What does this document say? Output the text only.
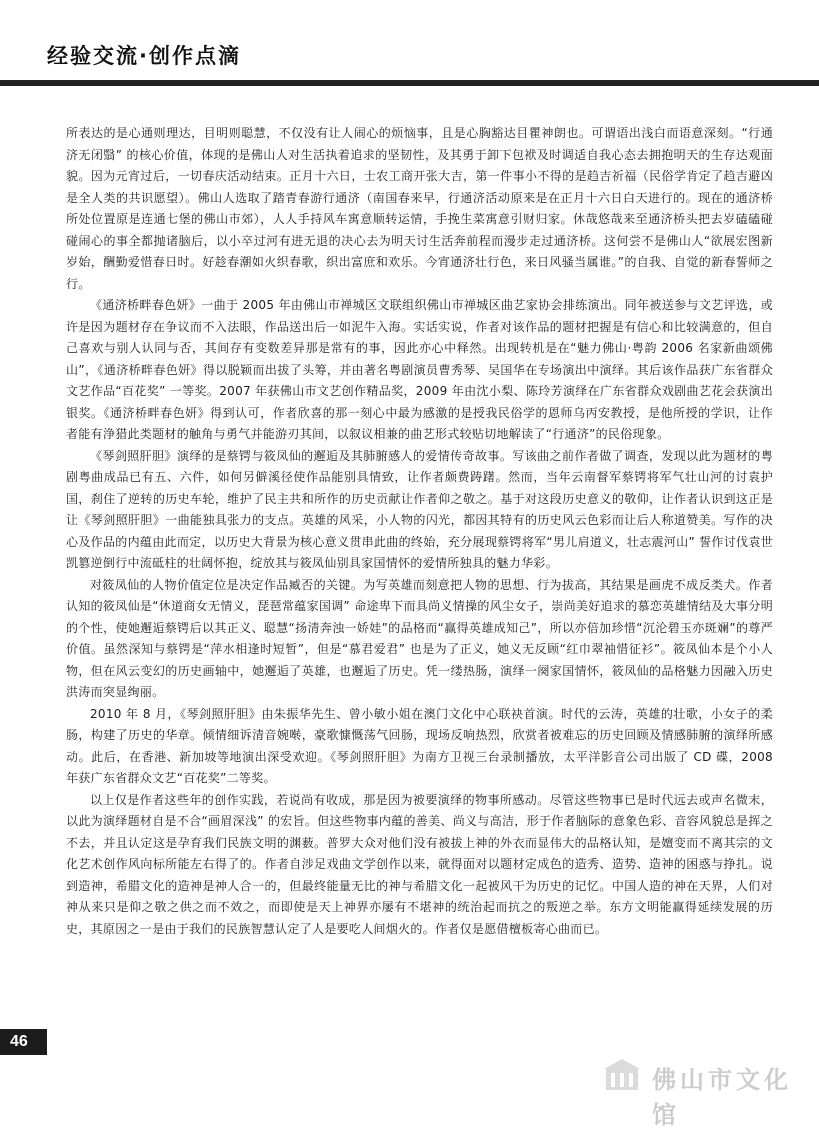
经验交流·创作点滴

所表达的是心通则理达，目明则聪慧，不仅没有让人闹心的烦恼事，且是心胸豁达目瞿神朗也。可谓语出浅白而语意深刻。“行通济无闭翳” 的核心价值，体现的是佛山人对生活执着追求的坚韧性，及其勇于卸下包袱及时调适自我心态去拥抱明天的生存达观面貌。因为元宵过后，一切春庆活动结束。正月十六日，士农工商开张大吉，第一件事小不得的是趋吉祈福（民俗学肯定了趋吉避凶是全人类的共识愿望）。佛山人选取了踏青春游行通济（南国春来早，行通济活动原来是在正月十六日白天进行的。现在的通济桥所处位置原是连通七堡的佛山市郊），人人手持风车寓意顺转运情，手挽生菜寓意引财归家。休哉悠哉来至通济桥头把去岁磕磕碰碰闹心的事全都抛诸脑后，以小卒过河有进无退的决心去为明天讨生活奔前程而漫步走过通济桥。这何尝不是佛山人“欲展宏图新岁始，酬勤爱惜春日时。好趁春潮如火织春歌，织出富庶和欢乐。今宵通济壮行色，来日风骚当属谁。”的自我、自觉的新春誓师之行。

《通济桥畔春色妍》一曲于 2005 年由佛山市禅城区文联组织佛山市禅城区曲艺家协会排练演出。同年被送参与文艺评选，或许是因为题材存在争议而不入法眼，作品送出后一如泥牛入海。实话实说，作者对该作品的题材把握是有信心和比较满意的，但自己喜欢与别人认同与否，其间存有变数差异那是常有的事，因此亦心中释然。出现转机是在“魅力佛山·粤韵 2006 名家新曲颂佛山”，《通济桥畔春色妍》得以脱颖而出拔了头筹，并由著名粤剧演员曹秀琴、吴国华在专场演出中演绎。其后该作品获广东省群众文艺作品“百花奖” 一等奖。2007 年获佛山市文艺创作精品奖，2009 年由沈小梨、陈玲芳演绎在广东省群众戏剧曲艺花会获演出银奖。《通济桥畔春色妍》得到认可，作者欣喜的那一刻心中最为感激的是授我民俗学的恩师乌丙安教授，是他所授的学识，让作者能有浄猎此类题材的触角与勇气并能游刃其间，以叙议相兼的曲艺形式较贴切地解读了“行通济”的民俗现象。

《琴剑照肝胆》演绎的是蔡锷与筱凤仙的邂逅及其肺腑感人的爱情传奇故事。写该曲之前作者做了调查，发现以此为题材的粤剧粤曲成品已有五、六件，如何另僻溪径使作品能别具情致，让作者颇费踌躇。然而，当年云南督军蔡锷将军气壮山河的讨袁护国，刹住了逆转的历史车轮，维护了民主共和所作的历史贡献让作者仰之敬之。基于对这段历史意义的敬仰，让作者认识到这正是让《琴剑照肝胆》一曲能独具张力的支点。英雄的风采，小人物的闪光，都因其特有的历史风云色彩而让后人称道赞美。写作的决心及作品的内蕴由此而定，以历史大背景为核心意义贯串此曲的终始，充分展现蔡锷将军“男儿肩道义，壮志震河山” 誓作讨伐袁世凯篡逆倒行中流砥柱的壮阔怀抱，绽放其与筱凤仙别具家国情怀的爱情所独具的魅力华彩。

对筱凤仙的人物价值定位是决定作品臧否的关键。为写英雄而刻意把人物的思想、行为拔高，其结果是画虎不成反类犬。作者认知的筱凤仙是“休道商女无情义，琵琶常蕴家国调” 命途卑下而具尚义情操的风尘女子，崇尚美好追求的慕恋英雄情结及大事分明的个性，使她邂逅蔡锷后以其正义、聪慧“扬清奔浊一娇娃”的品格而“赢得英雄成知己”，所以亦倍加珍惜“沉沦碧玉亦斑斓”的尊严价值。虽然深知与蔡锷是“萍水相逢时短暂”，但是“慕君爱君” 也是为了正义，她义无反顾“红巾翠袖惜征衫”。筱凤仙本是个小人物，但在风云变幻的历史画轴中，她邂逅了英雄，也邂逅了历史。凭一缕热肠，演绎一阕家国情怀，筱凤仙的品格魅力因融入历史洪涛而突显绚丽。

2010 年 8 月，《琴剑照肝胆》由朱振华先生、曾小敏小姐在澳门文化中心联袂首演。时代的云涛，英雄的壮歌，小女子的柔肠，构建了历史的华章。倾情细诉清音婉啭，豪歌慷慨荡气回肠，现场反响热烈，欣赏者被难忘的历史回顾及情感肺腑的演绎所感动。此后，在香港、新加坡等地演出深受欢迎。《琴剑照肝胆》为南方卫视三台录制播放，太平洋影音公司出版了 CD 碟，2008 年获广东省群众文艺“百花奖”二等奖。

以上仅是作者这些年的创作实践，若说尚有收成，那是因为被要演绎的物事所感动。尽管这些物事已是时代远去或声名微末，以此为演绎题材自是不合“画眉深浅” 的宏旨。但这些物事内蕴的善美、尚义与高洁，形于作者脑际的意象色彩、音容风貌总是挥之不去，并且认定这是孕育我们民族文明的渊薮。普罗大众对他们没有被拔上神的外衣而显伟大的品格认知，是嬗变而不离其宗的文化艺术创作风向标所能左右得了的。作者自涉足戏曲文学创作以来，就得面对以题材定成色的造秀、造势、造神的困惑与挣扎。说到造神，希腊文化的造神是神人合一的，但最终能量无比的神与希腊文化一起被风干为历史的记忆。中国人造的神在天界，人们对神从来只是仰之敬之供之而不效之，而即使是天上神界亦屡有不堪神的统治起而抗之的叛逆之举。东方文明能赢得延续发展的历史，其原因之一是由于我们的民族智慧认定了人是要吃人间烟火的。作者仅是愿借檀板寄心曲而已。

46
佛山市文化馆
